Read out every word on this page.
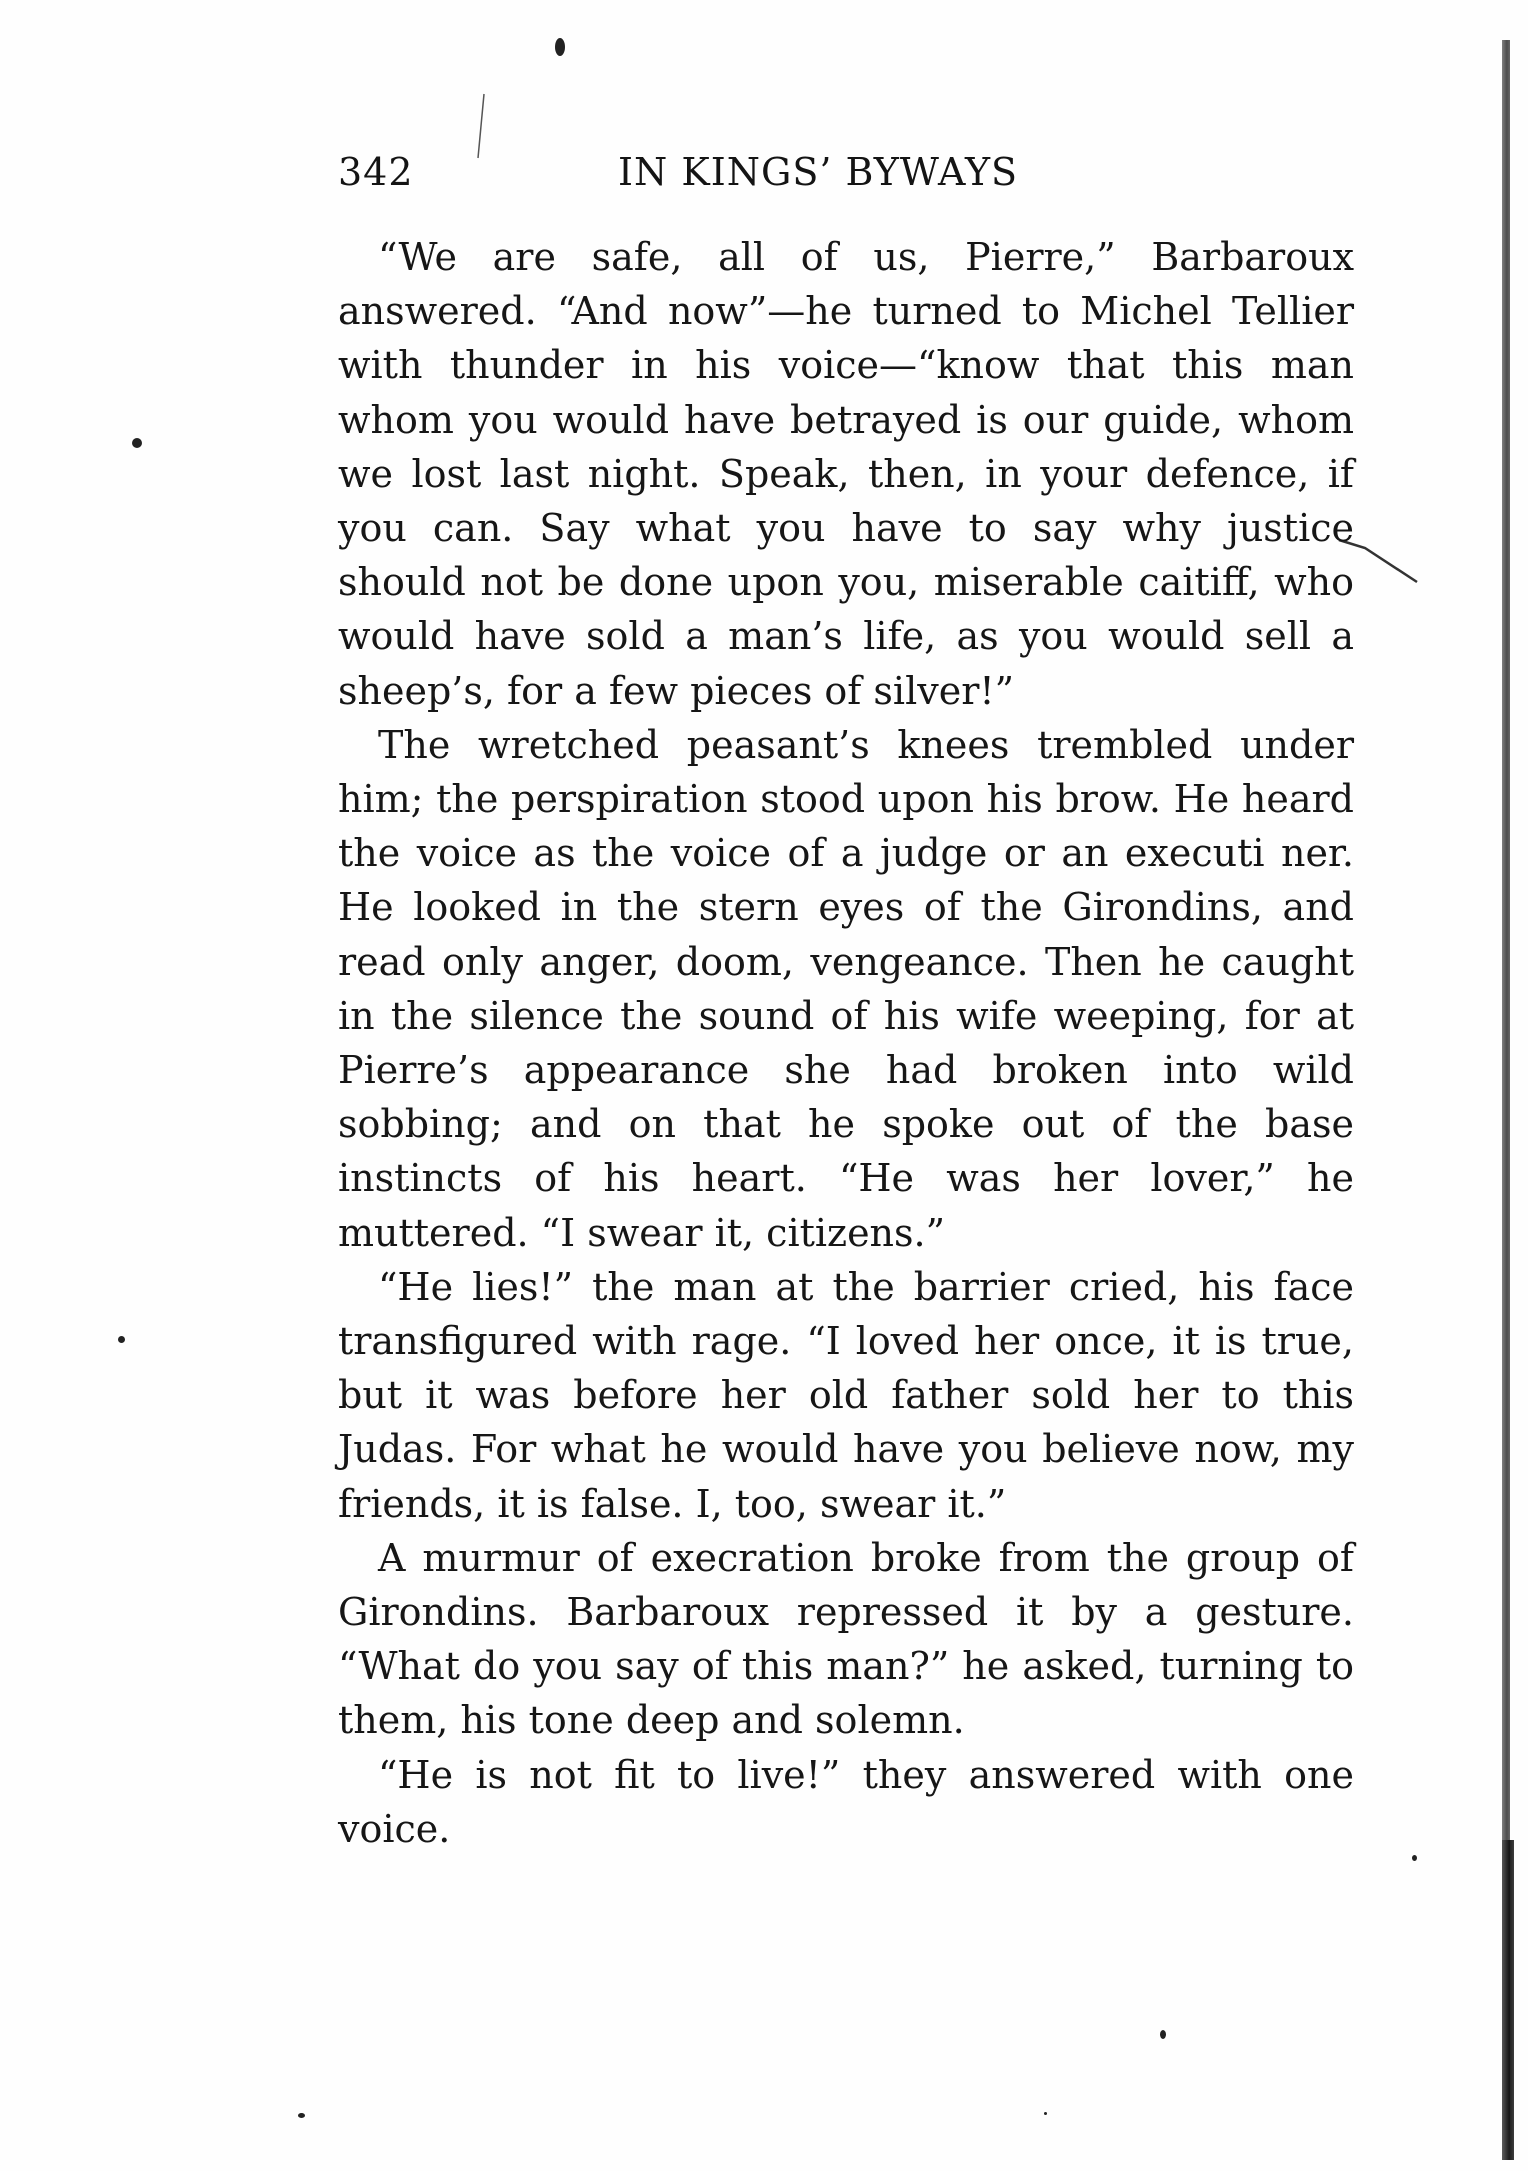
342	IN KINGS’ BYWAYS

“We are safe, all of us, Pierre,” Barbaroux answered. “And now”—he turned to Michel Tellier with thunder in his voice—“know that this man whom you would have betrayed is our guide, whom we lost last night. Speak, then, in your defence, if you can. Say what you have to say why justice should not be done upon you, miserable caitiff, who would have sold a man’s life, as you would sell a sheep’s, for a few pieces of silver!”

The wretched peasant’s knees trembled under him; the perspiration stood upon his brow. He heard the voice as the voice of a judge or an executi ner. He looked in the stern eyes of the Girondins, and read only anger, doom, vengeance. Then he caught in the silence the sound of his wife weeping, for at Pierre’s appearance she had broken into wild sobbing; and on that he spoke out of the base instincts of his heart. “He was her lover,” he muttered. “I swear it, citizens.”

“He lies!” the man at the barrier cried, his face transfigured with rage. “I loved her once, it is true, but it was before her old father sold her to this Judas. For what he would have you believe now, my friends, it is false. I, too, swear it.”

A murmur of execration broke from the group of Girondins. Barbaroux repressed it by a gesture. “What do you say of this man?” he asked, turning to them, his tone deep and solemn.

“He is not fit to live!” they answered with one voice.
